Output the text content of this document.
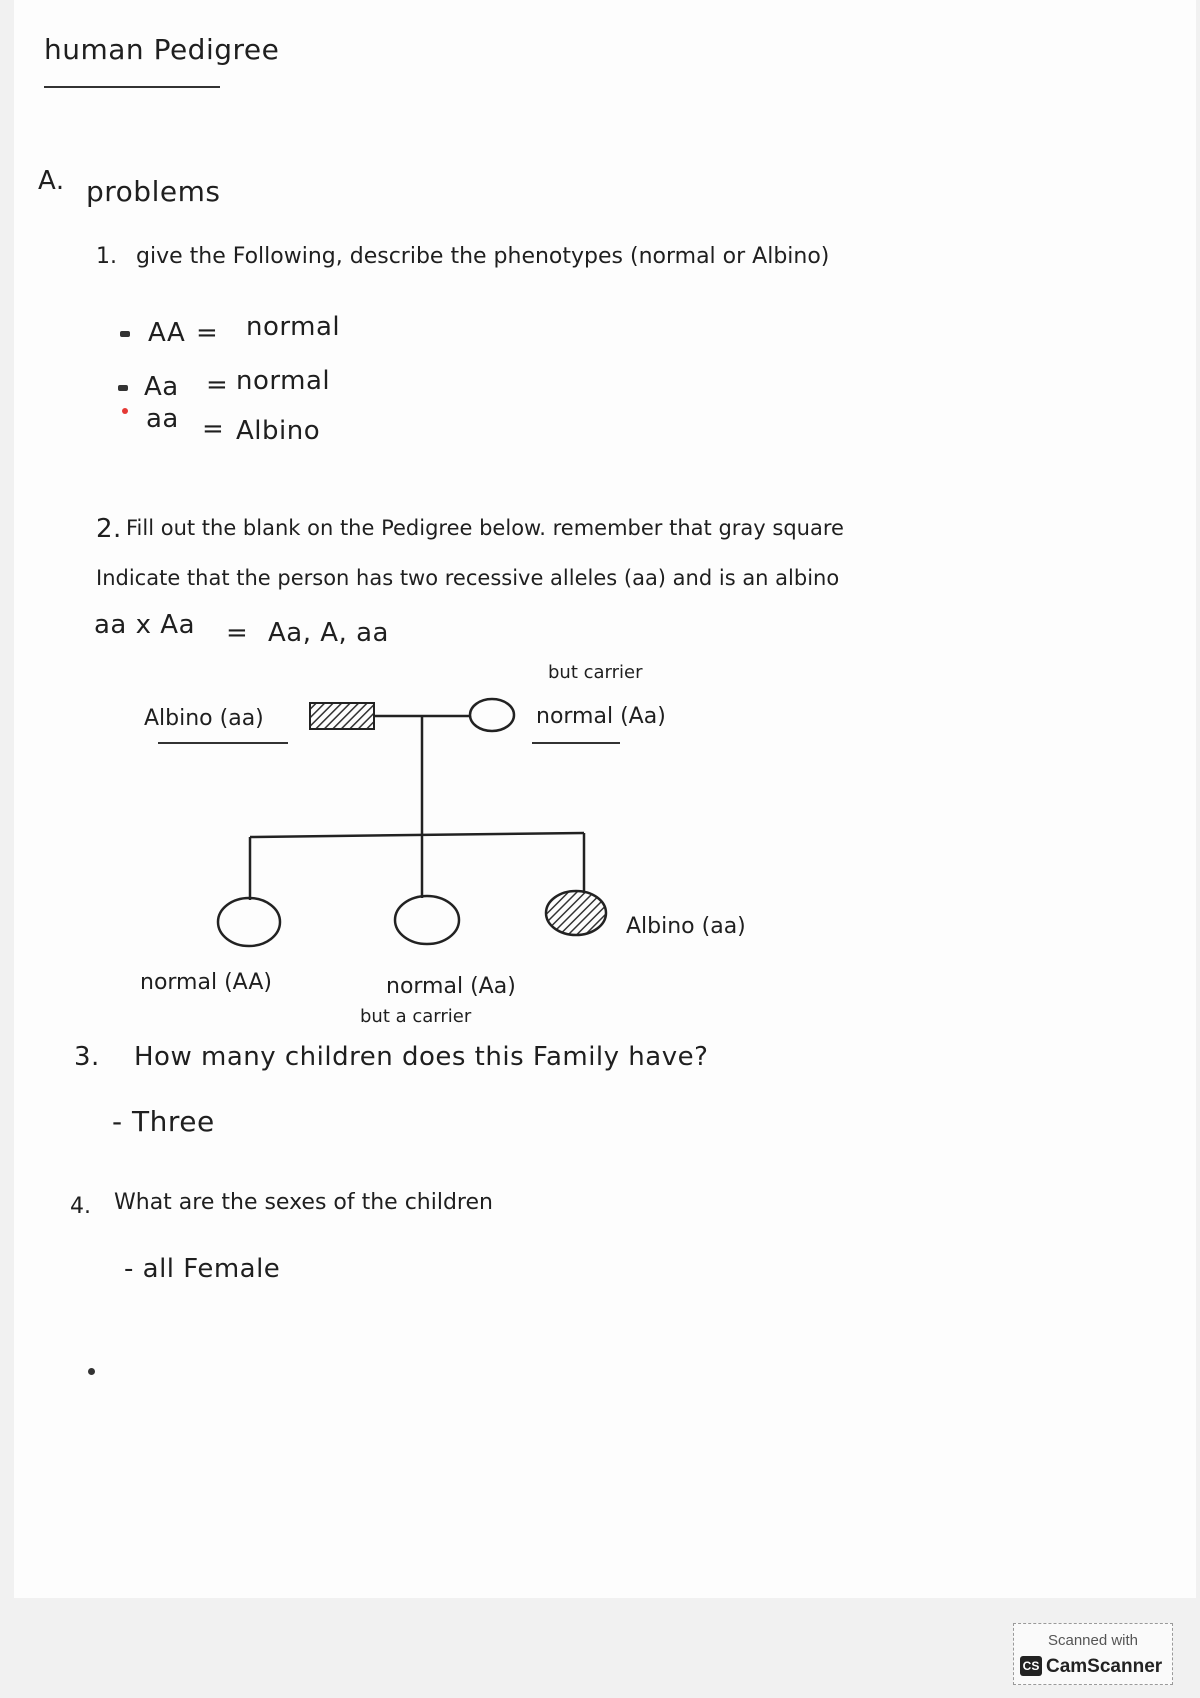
human Pedigree
A. problems
1. give the Following, describe the phenotypes (normal or Albino)
AA = normal
Aa = normal
aa = Albino
2. Fill out the blank on the Pedigree below. remember that gray square
Indicate that the person has two recessive alleles (aa) and is an albino
aa x Aa = Aa, A, aa
Albino (aa)
but carrier
normal (Aa)
normal (AA)	normal (Aa)
but a carrier
Albino (aa)
3. How many children does this Family have?
- Three
4. What are the sexes of the children
- all Female
Scanned with
CS CamScanner
